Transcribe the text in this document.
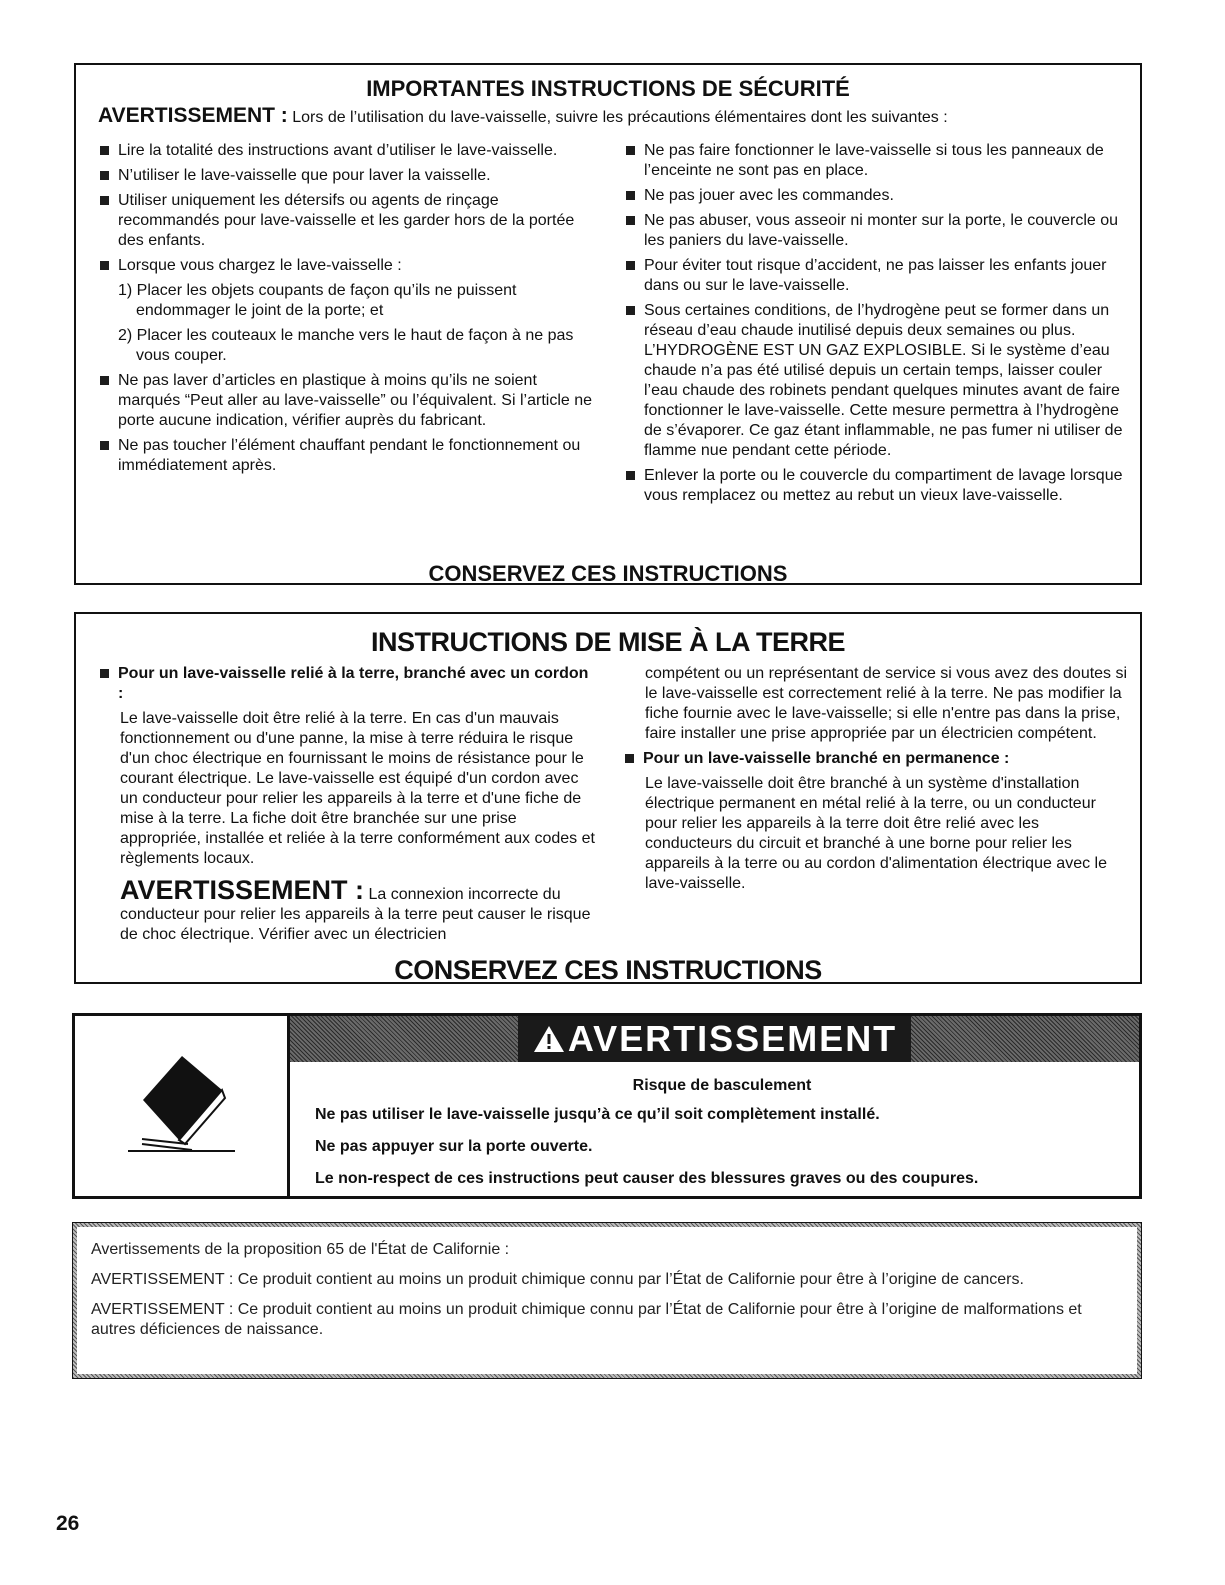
IMPORTANTES INSTRUCTIONS DE SÉCURITÉ
AVERTISSEMENT : Lors de l’utilisation du lave-vaisselle, suivre les précautions élémentaires dont les suivantes :
Lire la totalité des instructions avant d’utiliser le lave-vaisselle.
N’utiliser le lave-vaisselle que pour laver la vaisselle.
Utiliser uniquement les détersifs ou agents de rinçage recommandés pour lave-vaisselle et les garder hors de la portée des enfants.
Lorsque vous chargez le lave-vaisselle :
1) Placer les objets coupants de façon qu’ils ne puissent endommager le joint de la porte; et
2) Placer les couteaux le manche vers le haut de façon à ne pas vous couper.
Ne pas laver d’articles en plastique à moins qu’ils ne soient marqués “Peut aller au lave-vaisselle” ou l’équivalent. Si l’article ne porte aucune indication, vérifier auprès du fabricant.
Ne pas toucher l’élément chauffant pendant le fonctionnement ou immédiatement après.
Ne pas faire fonctionner le lave-vaisselle si tous les panneaux de l’enceinte ne sont pas en place.
Ne pas jouer avec les commandes.
Ne pas abuser, vous asseoir ni monter sur la porte, le couvercle ou les paniers du lave-vaisselle.
Pour éviter tout risque d’accident, ne pas laisser les enfants jouer dans ou sur le lave-vaisselle.
Sous certaines conditions, de l’hydrogène peut se former dans un réseau d’eau chaude inutilisé depuis deux semaines ou plus. L’HYDROGÈNE EST UN GAZ EXPLOSIBLE. Si le système d’eau chaude n’a pas été utilisé depuis un certain temps, laisser couler l’eau chaude des robinets pendant quelques minutes avant de faire fonctionner le lave-vaisselle. Cette mesure permettra à l’hydrogène de s’évaporer. Ce gaz étant inflammable, ne pas fumer ni utiliser de flamme nue pendant cette période.
Enlever la porte ou le couvercle du compartiment de lavage lorsque vous remplacez ou mettez au rebut un vieux lave-vaisselle.
CONSERVEZ CES INSTRUCTIONS
INSTRUCTIONS DE MISE À LA TERRE
Pour un lave-vaisselle relié à la terre, branché avec un cordon :
Le lave-vaisselle doit être relié à la terre. En cas d'un mauvais fonctionnement ou d'une panne, la mise à terre réduira le risque d'un choc électrique en fournissant le moins de résistance pour le courant électrique. Le lave-vaisselle est équipé d'un cordon avec un conducteur pour relier les appareils à la terre et d'une fiche de mise à la terre. La fiche doit être branchée sur une prise appropriée, installée et reliée à la terre conformément aux codes et règlements locaux.
AVERTISSEMENT : La connexion incorrecte du conducteur pour relier les appareils à la terre peut causer le risque de choc électrique. Vérifier avec un électricien
compétent ou un représentant de service si vous avez des doutes si le lave-vaisselle est correctement relié à la terre. Ne pas modifier la fiche fournie avec le lave-vaisselle; si elle n'entre pas dans la prise, faire installer une prise appropriée par un électricien compétent.
Pour un lave-vaisselle branché en permanence :
Le lave-vaisselle doit être branché à un système d'installation électrique permanent en métal relié à la terre, ou un conducteur pour relier les appareils à la terre doit être relié avec les conducteurs du circuit et branché à une borne pour relier les appareils à la terre ou au cordon d'alimentation électrique avec le lave-vaisselle.
CONSERVEZ CES INSTRUCTIONS
AVERTISSEMENT
Risque de basculement

Ne pas utiliser le lave-vaisselle jusqu’à ce qu’il soit complètement installé.

Ne pas appuyer sur la porte ouverte.

Le non-respect de ces instructions peut causer des blessures graves ou des coupures.

Avertissements de la proposition 65 de l'État de Californie :

AVERTISSEMENT : Ce produit contient au moins un produit chimique connu par l’État de Californie pour être à l’origine de cancers.

AVERTISSEMENT : Ce produit contient au moins un produit chimique connu par l’État de Californie pour être à l’origine de malformations et autres déficiences de naissance.

26
